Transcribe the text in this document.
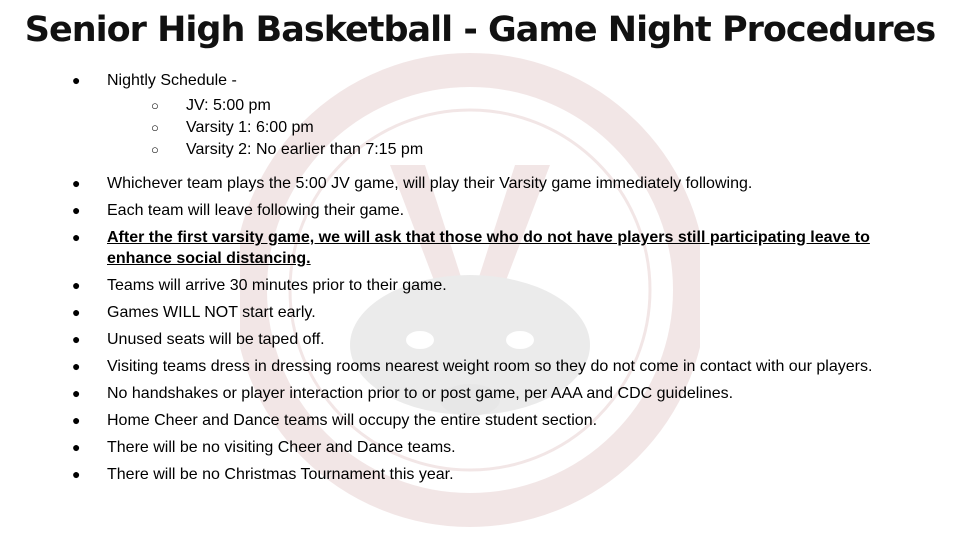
Senior High Basketball - Game Night Procedures
●	Nightly Schedule -
○	JV: 5:00 pm
○	Varsity 1: 6:00 pm
○	Varsity 2: No earlier than 7:15 pm
●	Whichever team plays the 5:00 JV game, will play their Varsity game immediately following.
●	Each team will leave following their game.
●	After the first varsity game, we will ask that those who do not have players still participating leave to enhance social distancing.
●	Teams will arrive 30 minutes prior to their game.
●	Games WILL NOT start early.
●	Unused seats will be taped off.
●	Visiting teams dress in dressing rooms nearest weight room so they do not come in contact with our players.
●	No handshakes or player interaction prior to or post game, per AAA and CDC guidelines.
●	Home Cheer and Dance teams will occupy the entire student section.
●	There will be no visiting Cheer and Dance teams.
●	There will be no Christmas Tournament this year.
